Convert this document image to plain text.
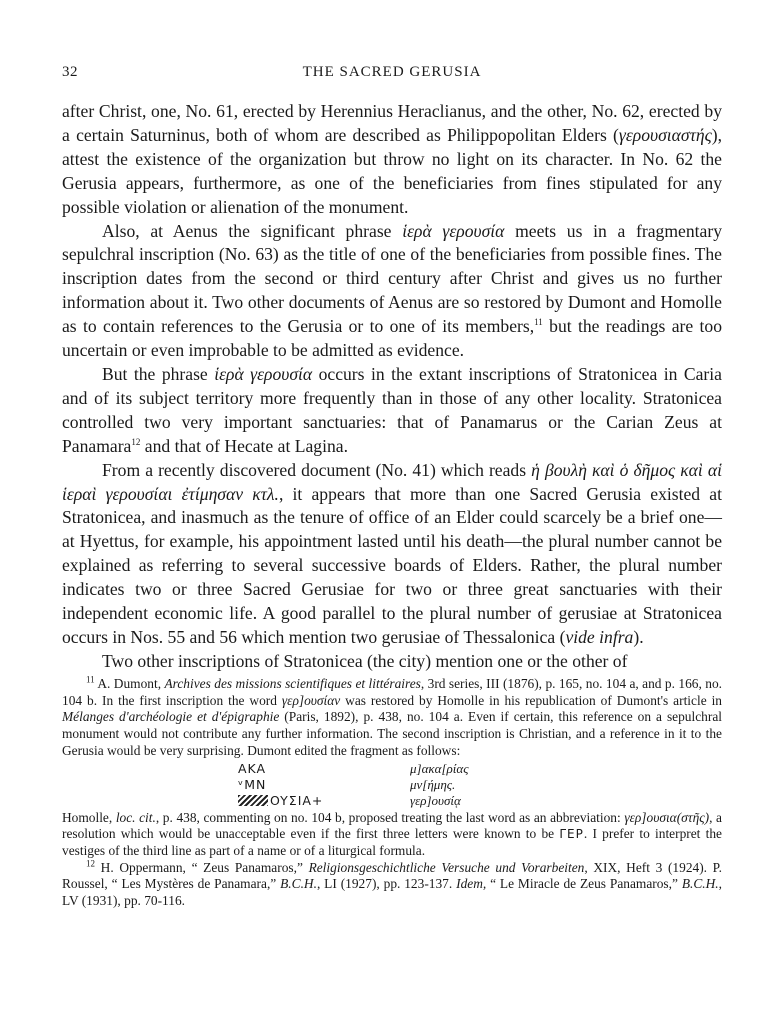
32	THE SACRED GERUSIA

after Christ, one, No. 61, erected by Herennius Heraclianus, and the other, No. 62, erected by a certain Saturninus, both of whom are described as Philippopolitan Elders (γερουσιαστής), attest the existence of the organization but throw no light on its character. In No. 62 the Gerusia appears, furthermore, as one of the beneficiaries from fines stipulated for any possible violation or alienation of the monument.

Also, at Aenus the significant phrase ἱερὰ γερουσία meets us in a fragmentary sepulchral inscription (No. 63) as the title of one of the beneficiaries from possible fines. The inscription dates from the second or third century after Christ and gives us no further information about it. Two other documents of Aenus are so restored by Dumont and Homolle as to contain references to the Gerusia or to one of its members,$^{11}$ but the readings are too uncertain or even improbable to be admitted as evidence.

But the phrase ἱερὰ γερουσία occurs in the extant inscriptions of Stratonicea in Caria and of its subject territory more frequently than in those of any other locality. Stratonicea controlled two very important sanctuaries: that of Panamarus or the Carian Zeus at Panamara$^{12}$ and that of Hecate at Lagina.

From a recently discovered document (No. 41) which reads ἡ βουλὴ καὶ ὁ δῆμος καὶ αἱ ἱεραὶ γερουσίαι ἐτίμησαν κτλ., it appears that more than one Sacred Gerusia existed at Stratonicea, and inasmuch as the tenure of office of an Elder could scarcely be a brief one—at Hyettus, for example, his appointment lasted until his death—the plural number cannot be explained as referring to several successive boards of Elders. Rather, the plural number indicates two or three Sacred Gerusiae for two or three great sanctuaries with their independent economic life. A good parallel to the plural number of gerusiae at Stratonicea occurs in Nos. 55 and 56 which mention two gerusiae of Thessalonica (vide infra).

Two other inscriptions of Stratonicea (the city) mention one or the other of

$^{11}$ A. Dumont, Archives des missions scientifiques et littéraires, 3rd series, III (1876), p. 165, no. 104 a, and p. 166, no. 104 b. In the first inscription the word γερ]ουσίαν was restored by Homolle in his republication of Dumont's article in Mélanges d'archéologie et d'épigraphie (Paris, 1892), p. 438, no. 104 a. Even if certain, this reference on a sepulchral monument would not contribute any further information. The second inscription is Christian, and a reference in it to the Gerusia would be very surprising. Dumont edited the fragment as follows:

AKA	μ]ακα[ρίας
ᵛMN	μν[ήμης.
OYΣIA+	γερ]ουσίᾳ

Homolle, loc. cit., p. 438, commenting on no. 104 b, proposed treating the last word as an abbreviation: γερ]ουσια(στῆς), a resolution which would be unacceptable even if the first three letters were known to be ΓΕΡ. I prefer to interpret the vestiges of the third line as part of a name or of a liturgical formula.

$^{12}$ H. Oppermann, “ Zeus Panamaros,” Religionsgeschichtliche Versuche und Vorarbeiten, XIX, Heft 3 (1924). P. Roussel, “ Les Mystères de Panamara,” B.C.H., LI (1927), pp. 123-137. Idem, “ Le Miracle de Zeus Panamaros,” B.C.H., LV (1931), pp. 70-116.
